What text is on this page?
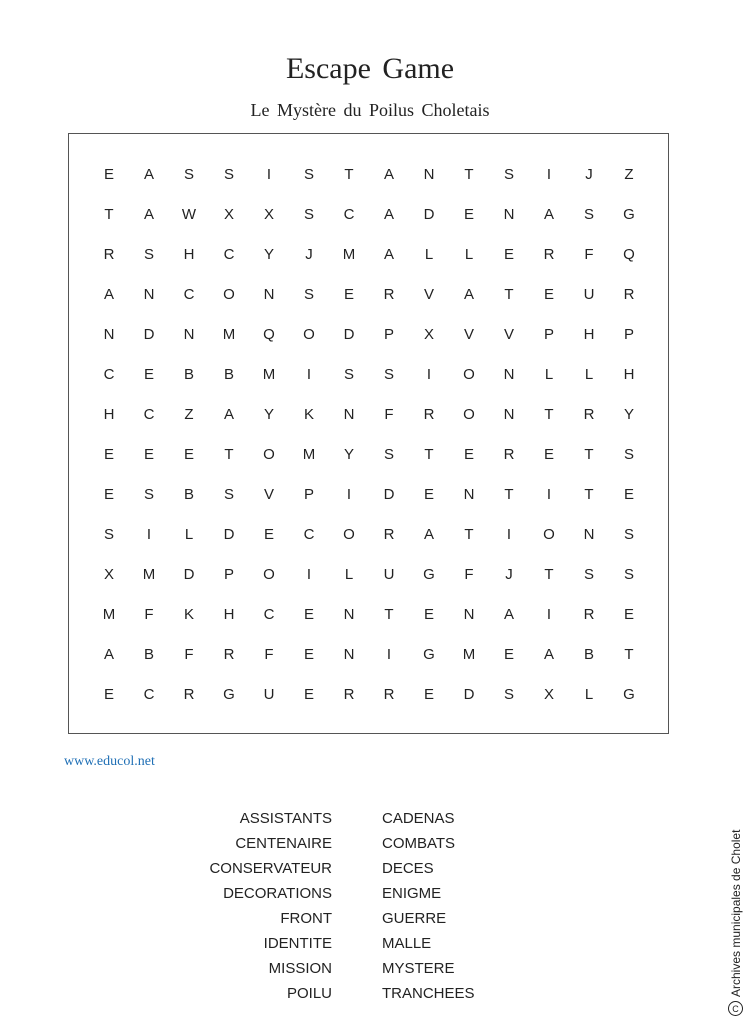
Escape Game
Le Mystère du Poilus Choletais
E	A	S	S	I	S	T	A	N	T	S	I	J	Z
T	A	W	X	X	S	C	A	D	E	N	A	S	G
R	S	H	C	Y	J	M	A	L	L	E	R	F	Q
A	N	C	O	N	S	E	R	V	A	T	E	U	R
N	D	N	M	Q	O	D	P	X	V	V	P	H	P
C	E	B	B	M	I	S	S	I	O	N	L	L	H
H	C	Z	A	Y	K	N	F	R	O	N	T	R	Y
E	E	E	T	O	M	Y	S	T	E	R	E	T	S
E	S	B	S	V	P	I	D	E	N	T	I	T	E
S	I	L	D	E	C	O	R	A	T	I	O	N	S
X	M	D	P	O	I	L	U	G	F	J	T	S	S
M	F	K	H	C	E	N	T	E	N	A	I	R	E
A	B	F	R	F	E	N	I	G	M	E	A	B	T
E	C	R	G	U	E	R	R	E	D	S	X	L	G
www.educol.net
ASSISTANTS
CENTENAIRE
CONSERVATEUR
DECORATIONS
FRONT
IDENTITE
MISSION
POILU
CADENAS
COMBATS
DECES
ENIGME
GUERRE
MALLE
MYSTERE
TRANCHEES
C
Archives municipales de Cholet
